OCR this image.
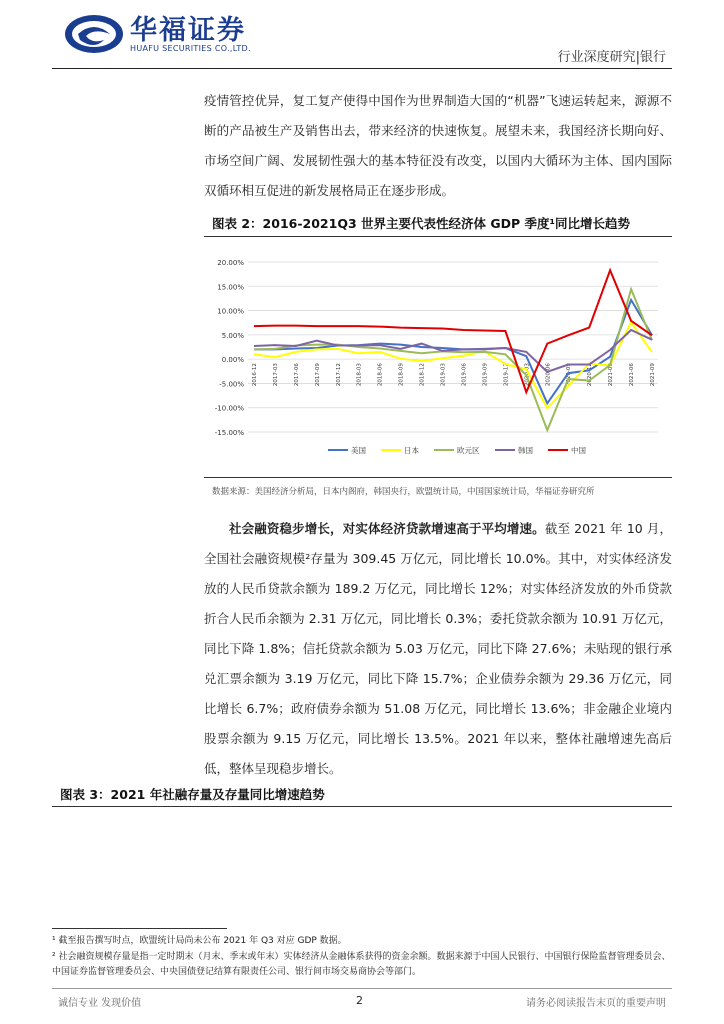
华福证券
HUAFU SECURITIES CO.,LTD.
行业深度研究|银行

疫情管控优异，复工复产使得中国作为世界制造大国的“机器”飞速运转起来，源源不断的产品被生产及销售出去，带来经济的快速恢复。展望未来，我国经济长期向好、市场空间广阔、发展韧性强大的基本特征没有改变，以国内大循环为主体、国内国际双循环相互促进的新发展格局正在逐步形成。

图表 2：2016-2021Q3 世界主要代表性经济体 GDP 季度¹同比增长趋势
20.00%
15.00%
10.00%
5.00%
0.00%
-5.00%
-10.00%
-15.00%
2016-12	2017-03	2017-06	2017-09	2017-12	2018-03	2018-06	2018-09	2018-12	2019-03	2019-06	2019-09	2019-12	2020-03	2020-06	2020-09	2020-12	2021-03	2021-06	2021-09
美国	日本	欧元区	韩国	中国
数据来源：美国经济分析局，日本内阁府，韩国央行，欧盟统计局，中国国家统计局，华福证券研究所

社会融资稳步增长，对实体经济贷款增速高于平均增速。截至 2021 年 10 月，全国社会融资规模²存量为 309.45 万亿元，同比增长 10.0%。其中，对实体经济发放的人民币贷款余额为 189.2 万亿元，同比增长 12%；对实体经济发放的外币贷款折合人民币余额为 2.31 万亿元，同比增长 0.3%；委托贷款余额为 10.91 万亿元，同比下降 1.8%；信托贷款余额为 5.03 万亿元，同比下降 27.6%；未贴现的银行承兑汇票余额为 3.19 万亿元，同比下降 15.7%；企业债券余额为 29.36 万亿元，同比增长 6.7%；政府债券余额为 51.08 万亿元，同比增长 13.6%；非金融企业境内股票余额为 9.15 万亿元，同比增长 13.5%。2021 年以来，整体社融增速先高后低，整体呈现稳步增长。

图表 3：2021 年社融存量及存量同比增速趋势
¹ 截至报告撰写时点，欧盟统计局尚未公布 2021 年 Q3 对应 GDP 数据。
² 社会融资规模存量是指一定时期末（月末、季末或年末）实体经济从金融体系获得的资金余额。数据来源于中国人民银行、中国银行保险监督管理委员会、中国证券监督管理委员会、中央国债登记结算有限责任公司、银行间市场交易商协会等部门。
诚信专业 发现价值	2	请务必阅读报告末页的重要声明
